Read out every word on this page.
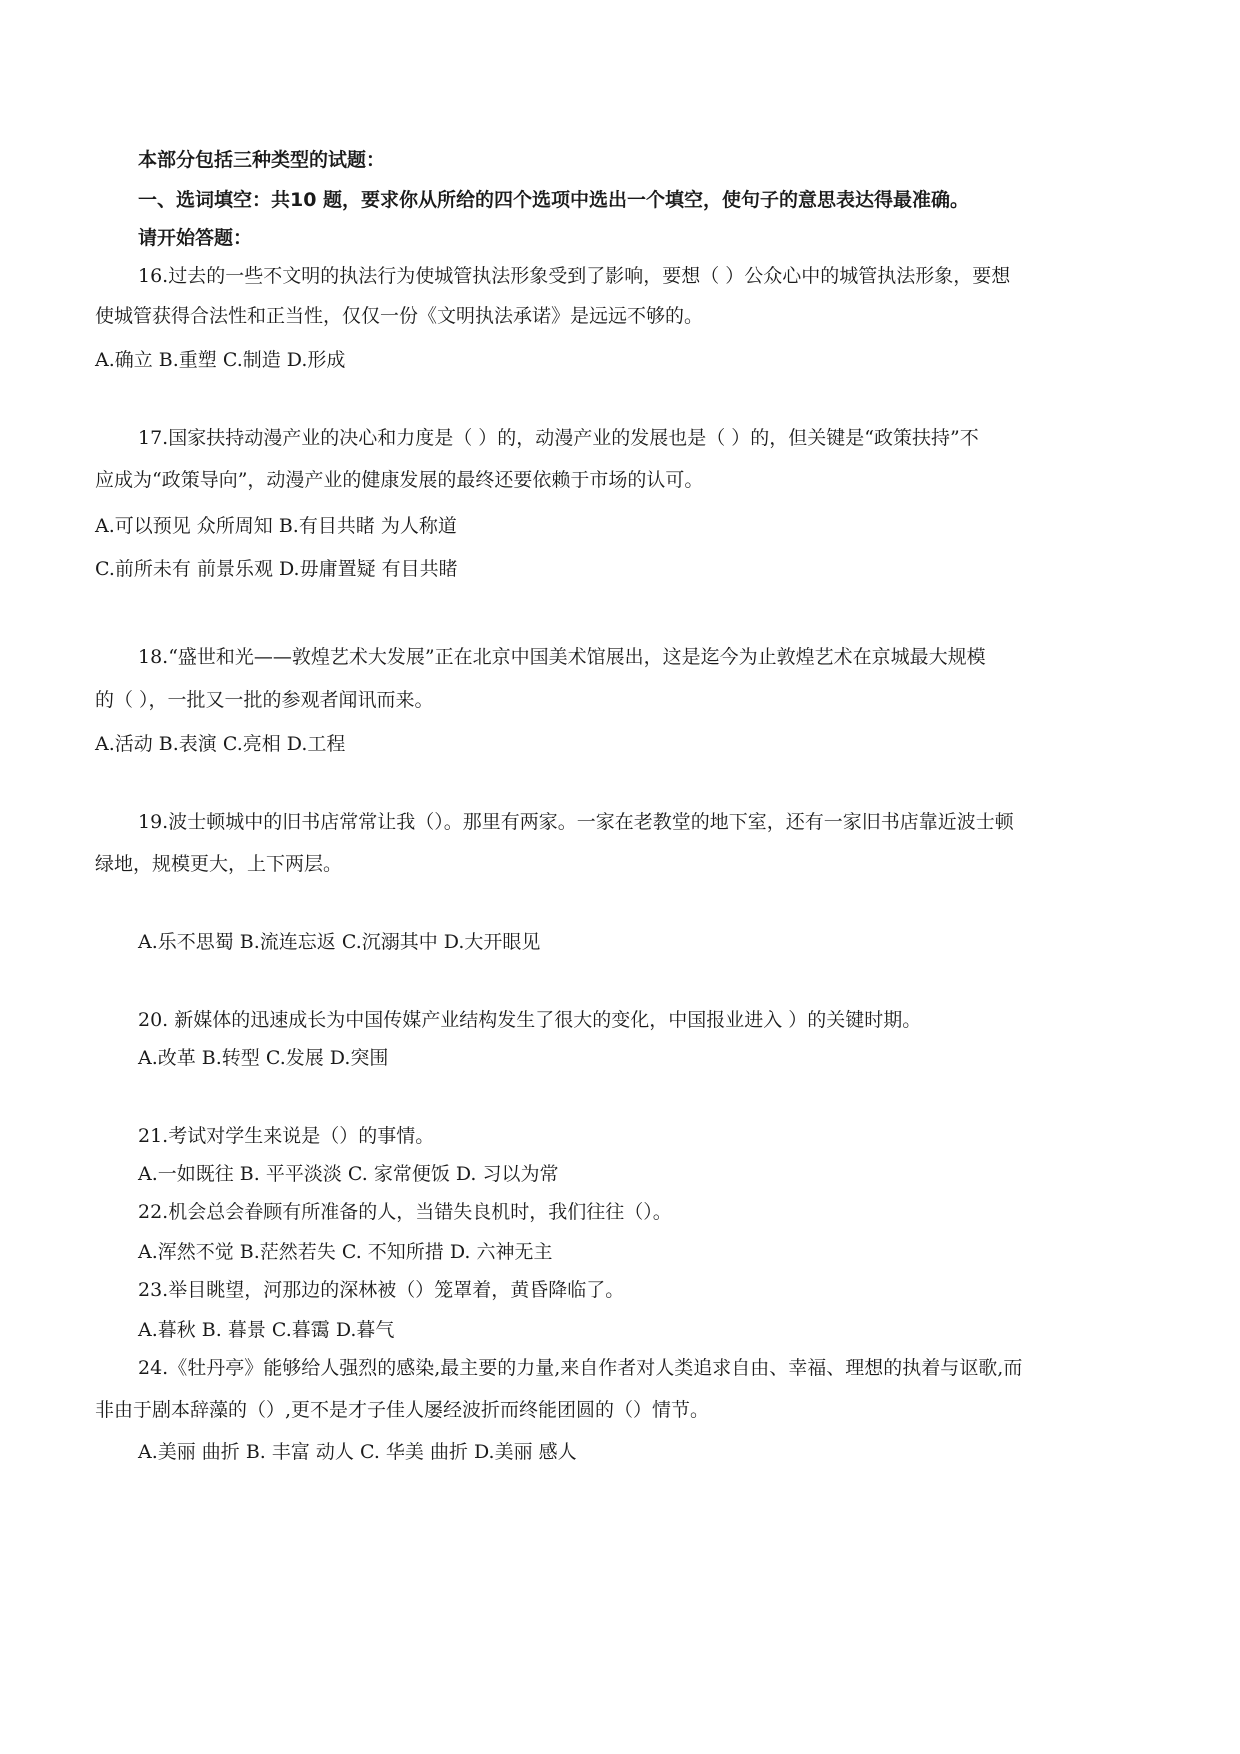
本部分包括三种类型的试题：
一、选词填空：共10 题，要求你从所给的四个选项中选出一个填空，使句子的意思表达得最准确。
请开始答题：
16.过去的一些不文明的执法行为使城管执法形象受到了影响，要想（ ）公众心中的城管执法形象，要想
使城管获得合法性和正当性，仅仅一份《文明执法承诺》是远远不够的。
A.确立 B.重塑 C.制造 D.形成
17.国家扶持动漫产业的决心和力度是（ ）的，动漫产业的发展也是（ ）的，但关键是“政策扶持”不
应成为“政策导向”，动漫产业的健康发展的最终还要依赖于市场的认可。
A.可以预见 众所周知 B.有目共睹 为人称道
C.前所未有 前景乐观 D.毋庸置疑 有目共睹
18.“盛世和光——敦煌艺术大发展”正在北京中国美术馆展出，这是迄今为止敦煌艺术在京城最大规模
的（ ），一批又一批的参观者闻讯而来。
A.活动 B.表演 C.亮相 D.工程
19.波士顿城中的旧书店常常让我（）。那里有两家。一家在老教堂的地下室，还有一家旧书店靠近波士顿
绿地，规模更大，上下两层。
A.乐不思蜀 B.流连忘返 C.沉溺其中 D.大开眼见
20. 新媒体的迅速成长为中国传媒产业结构发生了很大的变化，中国报业进入 ）的关键时期。
A.改革 B.转型 C.发展 D.突围
21.考试对学生来说是（）的事情。
A.一如既往 B. 平平淡淡 C. 家常便饭 D. 习以为常
22.机会总会眷顾有所准备的人，当错失良机时，我们往往（）。
A.浑然不觉 B.茫然若失 C. 不知所措 D. 六神无主
23.举目眺望，河那边的深林被（）笼罩着，黄昏降临了。
A.暮秋 B. 暮景 C.暮霭 D.暮气
24.《牡丹亭》能够给人强烈的感染,最主要的力量,来自作者对人类追求自由、幸福、理想的执着与讴歌,而
非由于剧本辞藻的（）,更不是才子佳人屡经波折而终能团圆的（）情节。
A.美丽 曲折 B. 丰富 动人 C. 华美 曲折 D.美丽 感人
